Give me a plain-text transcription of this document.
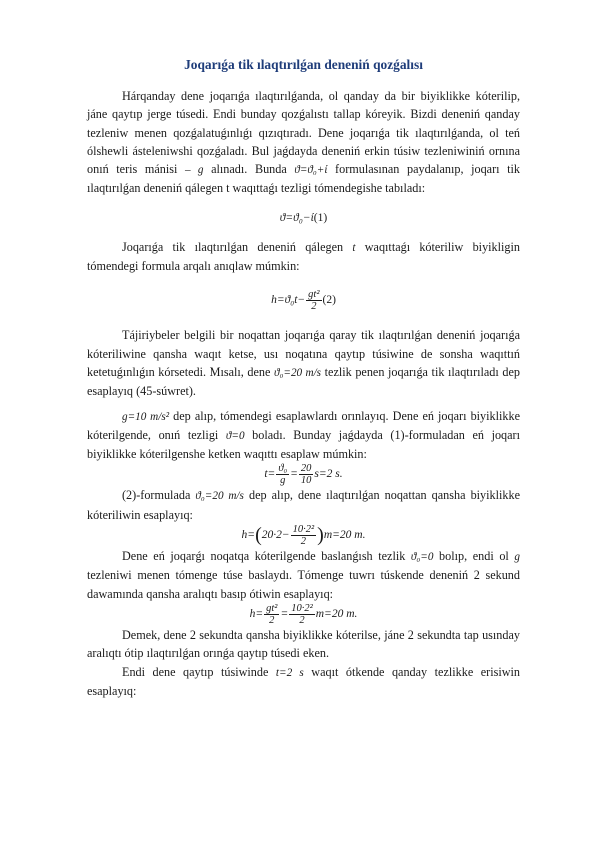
Joqarıǵa tik ılaqtırılǵan deneniń qozǵalısı

Hárqanday dene joqarıǵa ılaqtırılǵanda, ol qanday da bir biyiklikke kóterilip, jáne qaytıp jerge túsedi. Endi bunday qozǵalıstı tallap kóreyik. Bizdi deneniń qanday tezleniw menen qozǵalatuǵınlıǵı qızıqtıradı. Dene joqarıǵa tik ılaqtırılǵanda, ol teń ólshewli ásteleniwshi qozǵaladı. Bul jaǵdayda deneniń erkin túsiw tezleniwiniń ornına onıń teris mánisi – g alınadı. Bunda ϑ=ϑ₀+ί formulasınan paydalanıp, joqarı tik ılaqtırılǵan deneniń qálegen t waqıttaǵı tezligi tómendegishe tabıladı:

ϑ=ϑ₀−ί(1)

Joqarıǵa tik ılaqtırılǵan deneniń qálegen t waqıttaǵı kóteriliw biyikligin tómendegi formula arqalı anıqlaw múmkin:

$h=ϑ_0t- \frac{\text{gt²}}{2} (2)$

Tájiriybeler belgili bir noqattan joqarıǵa qaray tik ılaqtırılǵan deneniń joqarıǵa kóteriliwine qansha waqıt ketse, usı noqatına qaytıp túsiwine de sonsha waqıttıń ketetuǵınlıǵın kórsetedi. Mısalı, dene ϑ₀=20 m/s tezlik penen joqarıǵa tik ılaqtırıladı dep esaplayıq (45-súwret).

g=10 m/s² dep alıp, tómendegi esaplawlardı orınlayıq. Dene eń joqarı biyiklikke kóterilgende, onıń tezligi ϑ=0 boladı. Bunday jaǵdayda (1)-formuladan eń joqarı biyiklikke kóterilgenshe ketken waqıttı esaplaw múmkin:

$t= \frac{\text{ϑ₀}}{g} = \frac{20}{10} s=2$ s.

(2)-formulada ϑ₀=20 m/s dep alıp, dene ılaqtırılǵan noqattan qansha biyiklikke kóteriliwin esaplayıq:

$h=(20\cdot 2- \frac{\text{10·2²}}{2} )m=20$ m.

Dene eń joqarǵı noqatqa kóterilgende baslanǵısh tezlik ϑ₀=0 bolıp, endi ol g tezleniwi menen tómenge túse baslaydı. Tómenge tuwrı túskende deneniń 2 sekund dawamında qansha aralıqtı basıp ótiwin esaplayıq:

$h= \frac{\text{gt²}}{2} = \frac{\text{10·2²}}{2} m=20$ m.

Demek, dene 2 sekundta qansha biyiklikke kóterilse, jáne 2 sekundta tap usınday aralıqtı ótip ılaqtırılǵan orınǵa qaytıp túsedi eken.

Endi dene qaytıp túsiwinde t=2 s waqıt ótkende qanday tezlikke erisiwin esaplayıq:
